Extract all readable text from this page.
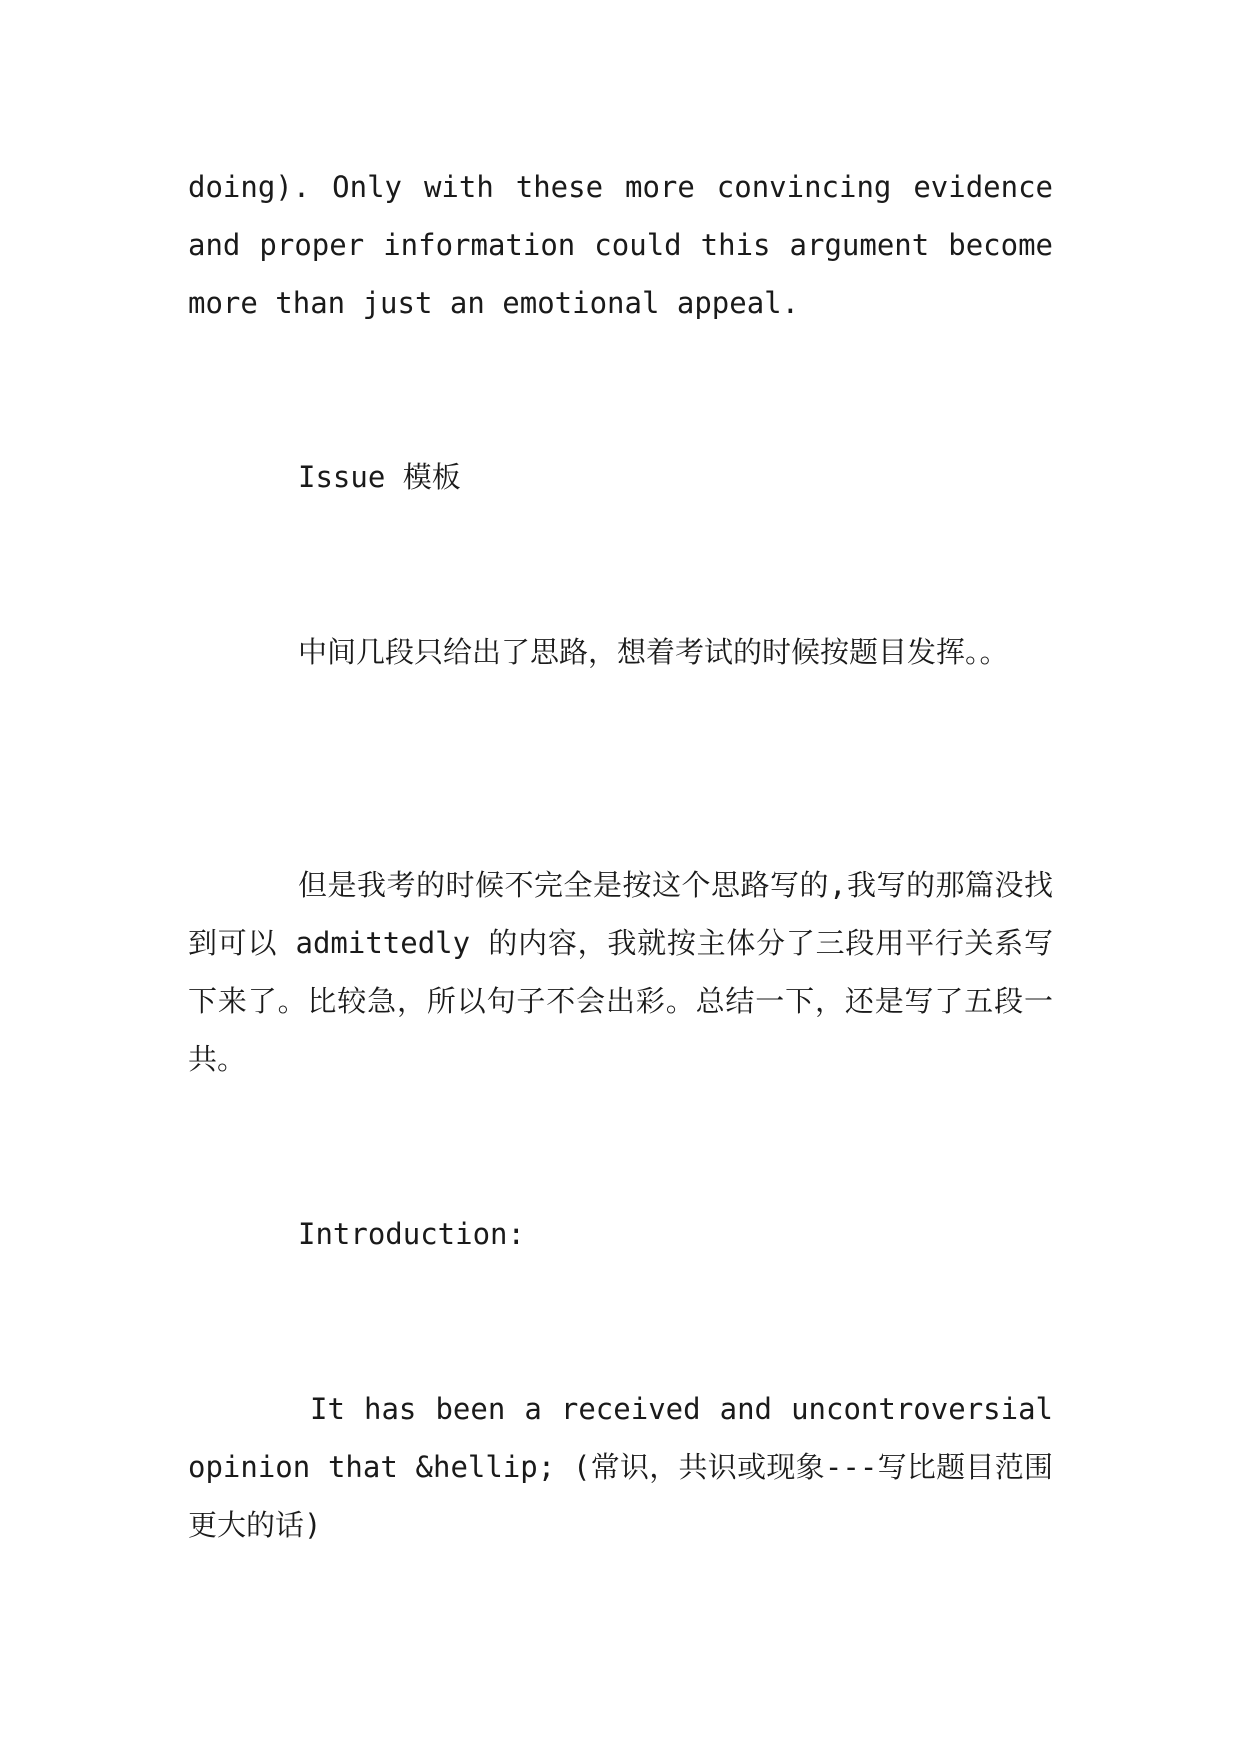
doing). Only with these more convincing evidence and proper information could this argument become more than just an emotional appeal.

Issue 模板

中间几段只给出了思路，想着考试的时候按题目发挥。。

但是我考的时候不完全是按这个思路写的,我写的那篇没找到可以 admittedly 的内容，我就按主体分了三段用平行关系写下来了。比较急，所以句子不会出彩。总结一下，还是写了五段一共。

Introduction:

It has been a received and uncontroversial opinion that &hellip; (常识，共识或现象---写比题目范围更大的话)
